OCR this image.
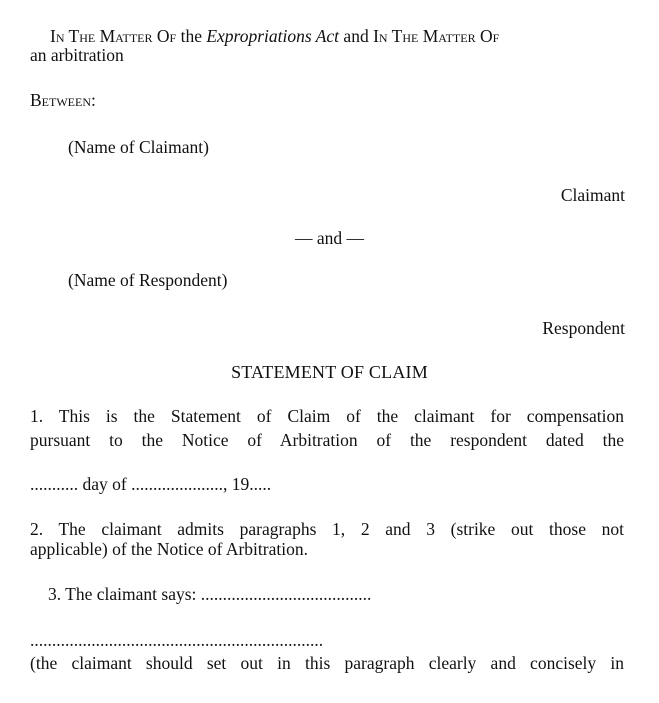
In The Matter Of the Expropriations Act and In The Matter Of
an arbitration
Between:
(Name of Claimant)
Claimant
— and —
(Name of Respondent)
Respondent
STATEMENT OF CLAIM
1. This is the Statement of Claim of the claimant for compensation
pursuant to the Notice of Arbitration of the respondent dated the
........... day of ....................., 19.....
2. The claimant admits paragraphs 1, 2 and 3 (strike out those not
applicable) of the Notice of Arbitration.
3. The claimant says: .......................................
...................................................................
(the claimant should set out in this paragraph clearly and concisely in
